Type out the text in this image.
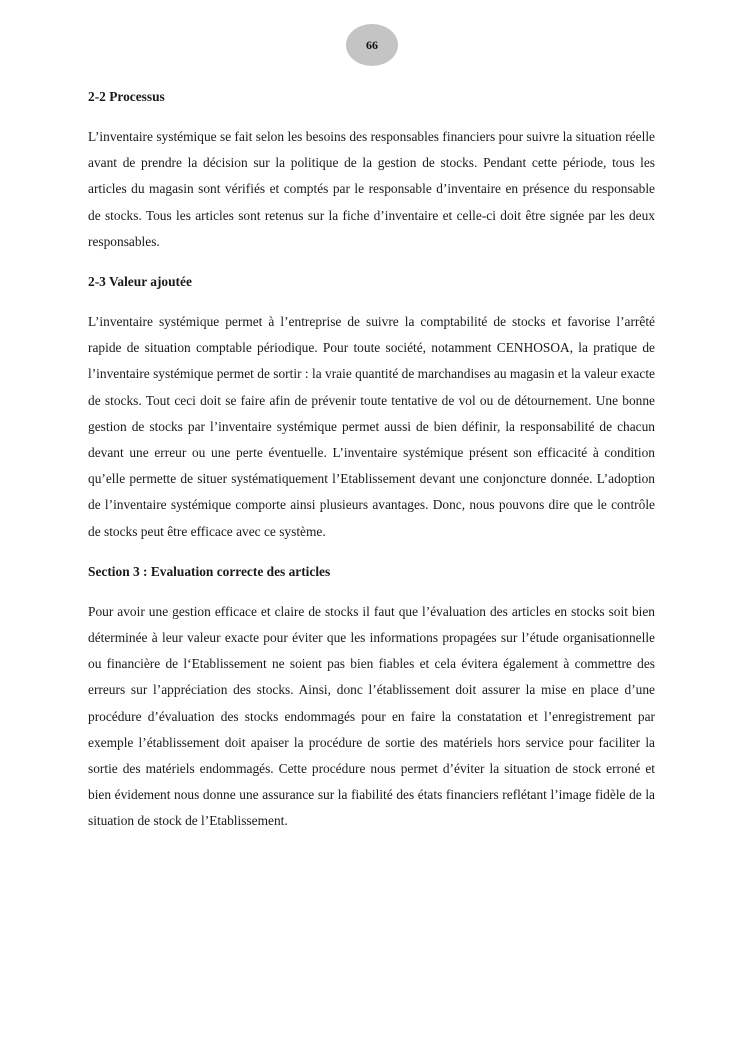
66
2-2 Processus

L’inventaire systémique se fait selon les besoins des responsables financiers pour suivre la situation réelle avant de prendre la décision sur la politique de la gestion de stocks. Pendant cette période, tous les articles du magasin sont vérifiés et comptés par le responsable d’inventaire en présence du responsable de stocks. Tous les articles sont retenus sur la fiche d’inventaire et celle-ci doit être signée par les deux responsables.

2-3 Valeur ajoutée

L’inventaire systémique permet à l’entreprise de suivre la comptabilité de stocks et favorise l’arrêté rapide de situation comptable périodique. Pour toute société, notamment CENHOSOA, la pratique de l’inventaire systémique permet de sortir : la vraie quantité de marchandises au magasin et la valeur exacte de stocks. Tout ceci doit se faire afin de prévenir toute tentative de vol ou de détournement. Une bonne gestion de stocks par l’inventaire systémique permet aussi de bien définir, la responsabilité de chacun devant une erreur ou une perte éventuelle. L’inventaire systémique présent son efficacité à condition qu’elle permette de situer systématiquement l’Etablissement devant une conjoncture donnée. L’adoption de l’inventaire systémique comporte ainsi plusieurs avantages. Donc, nous pouvons dire que le contrôle de stocks peut être efficace avec ce système.

Section 3 : Evaluation correcte des articles

Pour avoir une gestion efficace et claire de stocks il faut que l’évaluation des articles en stocks soit bien déterminée à leur valeur exacte pour éviter que les informations propagées sur l’étude organisationnelle ou financière de l‘Etablissement ne soient pas bien fiables et cela évitera également à commettre des erreurs sur l’appréciation des stocks. Ainsi, donc l’établissement doit assurer la mise en place d’une procédure d’évaluation des stocks endommagés pour en faire la constatation et l’enregistrement par exemple l’établissement doit apaiser la procédure de sortie des matériels hors service pour faciliter la sortie des matériels endommagés. Cette procédure nous permet d’éviter la situation de stock erroné et bien évidement nous donne une assurance sur la fiabilité des états financiers reflétant l’image fidèle de la situation de stock de l’Etablissement.
